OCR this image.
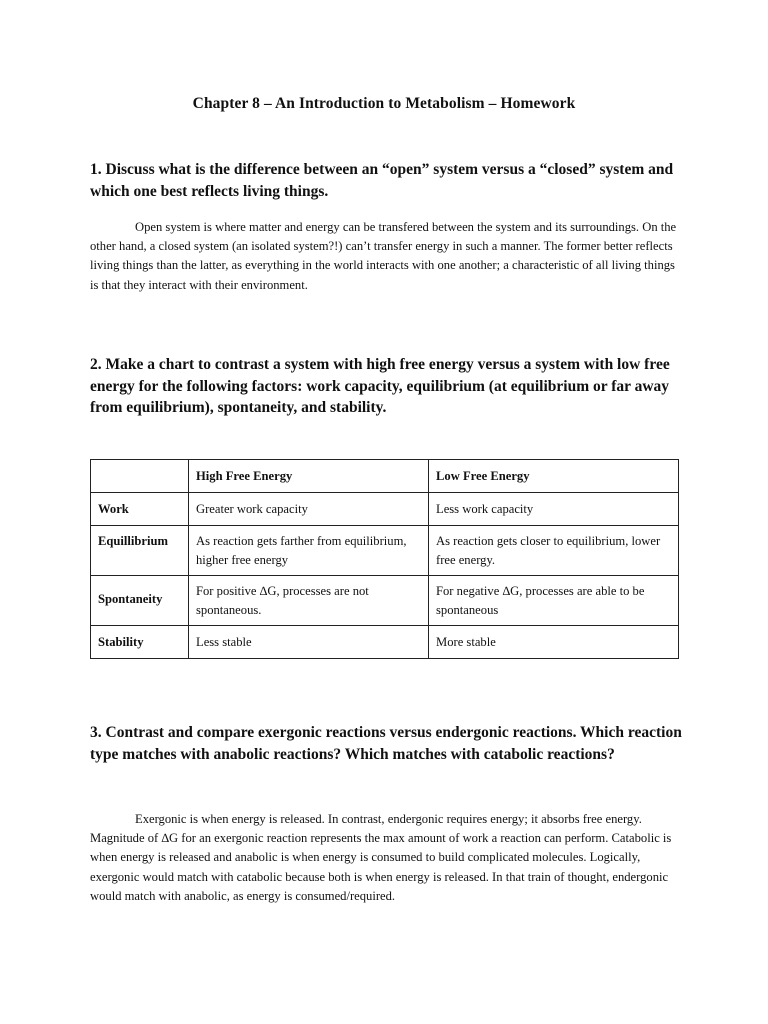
Chapter 8 – An Introduction to Metabolism – Homework
1. Discuss what is the difference between an “open” system versus a “closed” system and which one best reflects living things.

Open system is where matter and energy can be transfered between the system and its surroundings. On the other hand, a closed system (an isolated system?!) can’t transfer energy in such a manner. The former better reflects living things than the latter, as everything in the world interacts with one another; a characteristic of all living things is that they interact with their environment.

2. Make a chart to contrast a system with high free energy versus a system with low free energy for the following factors: work capacity, equilibrium (at equilibrium or far away from equilibrium), spontaneity, and stability.
	High Free Energy	Low Free Energy
Work	Greater work capacity	Less work capacity
Equillibrium	As reaction gets farther from equilibrium, higher free energy	As reaction gets closer to equilibrium, lower free energy.
Spontaneity	For positive ∆G, processes are not spontaneous.	For negative ∆G, processes are able to be spontaneous
Stability	Less stable	More stable
3. Contrast and compare exergonic reactions versus endergonic reactions. Which reaction type matches with anabolic reactions? Which matches with catabolic reactions?

Exergonic is when energy is released. In contrast, endergonic requires energy; it absorbs free energy. Magnitude of ∆G for an exergonic reaction represents the max amount of work a reaction can perform. Catabolic is when energy is released and anabolic is when energy is consumed to build complicated molecules. Logically, exergonic would match with catabolic because both is when energy is released. In that train of thought, endergonic would match with anabolic, as energy is consumed/required.
